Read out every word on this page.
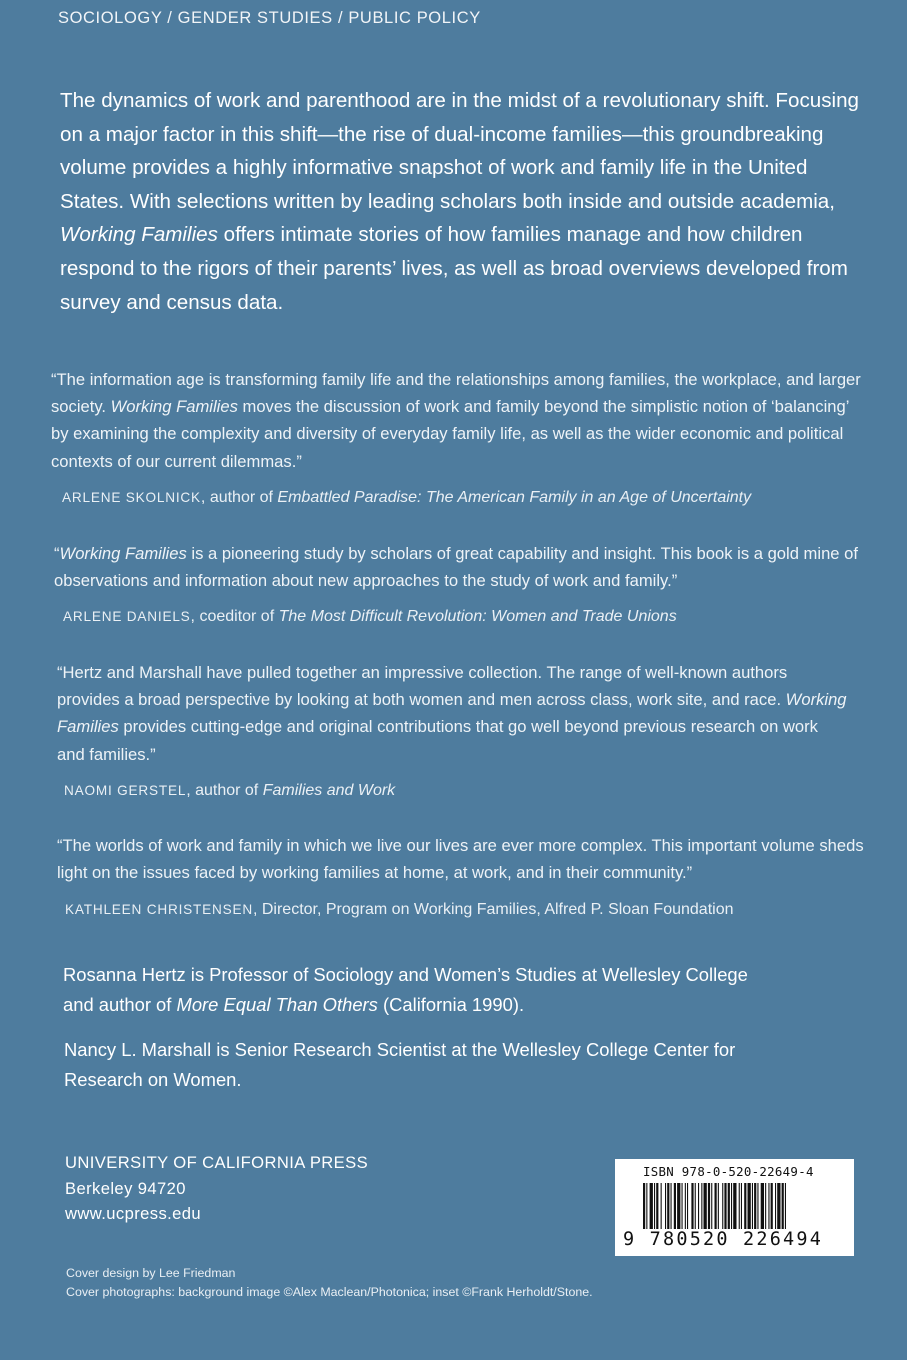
SOCIOLOGY / GENDER STUDIES / PUBLIC POLICY
The dynamics of work and parenthood are in the midst of a revolutionary shift. Focusing on a major factor in this shift—the rise of dual-income families—this groundbreaking volume provides a highly informative snapshot of work and family life in the United States. With selections written by leading scholars both inside and outside academia, Working Families offers intimate stories of how families manage and how children respond to the rigors of their parents’ lives, as well as broad overviews developed from survey and census data.
“The information age is transforming family life and the relationships among families, the workplace, and larger society. Working Families moves the discussion of work and family beyond the simplistic notion of ‘balancing’ by examining the complexity and diversity of everyday family life, as well as the wider economic and political contexts of our current dilemmas.”
ARLENE SKOLNICK, author of Embattled Paradise: The American Family in an Age of Uncertainty
“Working Families is a pioneering study by scholars of great capability and insight. This book is a gold mine of observations and information about new approaches to the study of work and family.”
ARLENE DANIELS, coeditor of The Most Difficult Revolution: Women and Trade Unions
“Hertz and Marshall have pulled together an impressive collection. The range of well-known authors provides a broad perspective by looking at both women and men across class, work site, and race. Working Families provides cutting-edge and original contributions that go well beyond previous research on work and families.”
NAOMI GERSTEL, author of Families and Work
“The worlds of work and family in which we live our lives are ever more complex. This important volume sheds light on the issues faced by working families at home, at work, and in their community.”
KATHLEEN CHRISTENSEN, Director, Program on Working Families, Alfred P. Sloan Foundation
Rosanna Hertz is Professor of Sociology and Women’s Studies at Wellesley College and author of More Equal Than Others (California 1990).
Nancy L. Marshall is Senior Research Scientist at the Wellesley College Center for Research on Women.
UNIVERSITY OF CALIFORNIA PRESS
Berkeley 94720
www.ucpress.edu
ISBN 978-0-520-22649-4
9 780520 226494
Cover design by Lee Friedman
Cover photographs: background image ©Alex Maclean/Photonica; inset ©Frank Herholdt/Stone.
